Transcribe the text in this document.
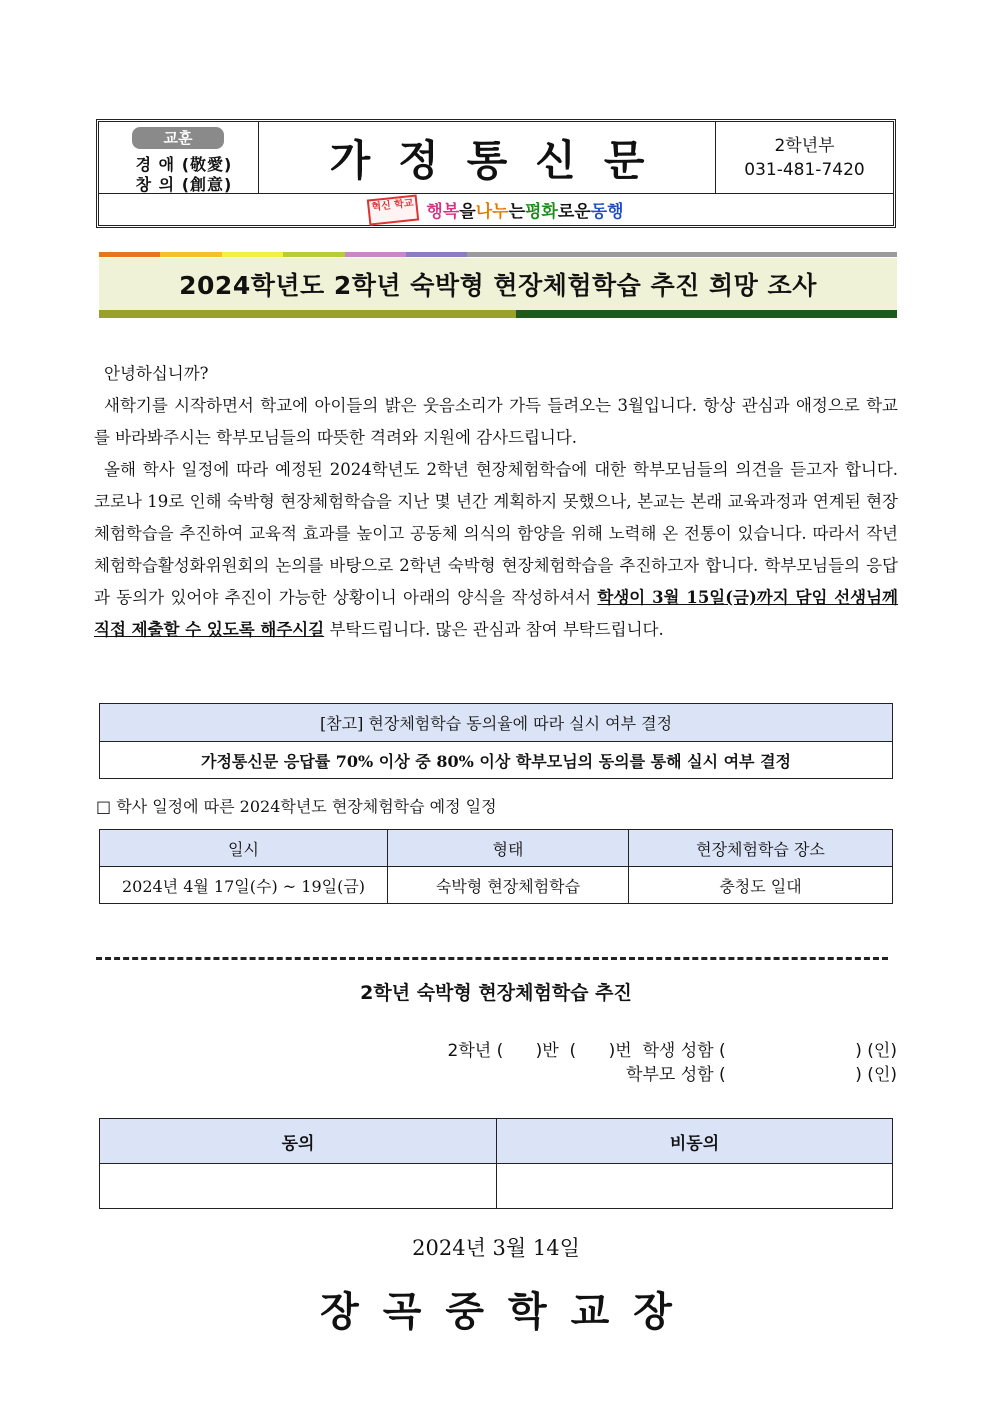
교훈
경 애 (敬愛)
창 의 (創意)	가정통신문	2학년부
031-481-7420
혁신 학교 행복 을 나누 는 평화 로운 동행
2024학년도 2학년 숙박형 현장체험학습 추진 희망 조사

안녕하십니까?

새학기를 시작하면서 학교에 아이들의 밝은 웃음소리가 가득 들려오는 3월입니다. 항상 관심과 애정으로 학교를 바라봐주시는 학부모님들의 따뜻한 격려와 지원에 감사드립니다.

올해 학사 일정에 따라 예정된 2024학년도 2학년 현장체험학습에 대한 학부모님들의 의견을 듣고자 합니다. 코로나 19로 인해 숙박형 현장체험학습을 지난 몇 년간 계획하지 못했으나, 본교는 본래 교육과정과 연계된 현장체험학습을 추진하여 교육적 효과를 높이고 공동체 의식의 함양을 위해 노력해 온 전통이 있습니다. 따라서 작년 체험학습활성화위원회의 논의를 바탕으로 2학년 숙박형 현장체험학습을 추진하고자 합니다. 학부모님들의 응답과 동의가 있어야 추진이 가능한 상황이니 아래의 양식을 작성하셔서 학생이 3월 15일(금)까지 담임 선생님께 직접 제출할 수 있도록 해주시길 부탁드립니다. 많은 관심과 참여 부탁드립니다.

[참고] 현장체험학습 동의율에 따라 실시 여부 결정
가정통신문 응답률 70% 이상 중 80% 이상 학부모님의 동의를 통해 실시 여부 결정
□ 학사 일정에 따른 2024학년도 현장체험학습 예정 일정
일시	형태	현장체험학습 장소
2024년 4월 17일(수) ~ 19일(금)	숙박형 현장체험학습	충청도 일대
2학년 숙박형 현장체험학습 추진
2학년 (      )반  (      )번  학생 성함 (                        ) (인)
학부모 성함 (                        ) (인)
동의	비동의

2024년 3월 14일
장곡중학교장
